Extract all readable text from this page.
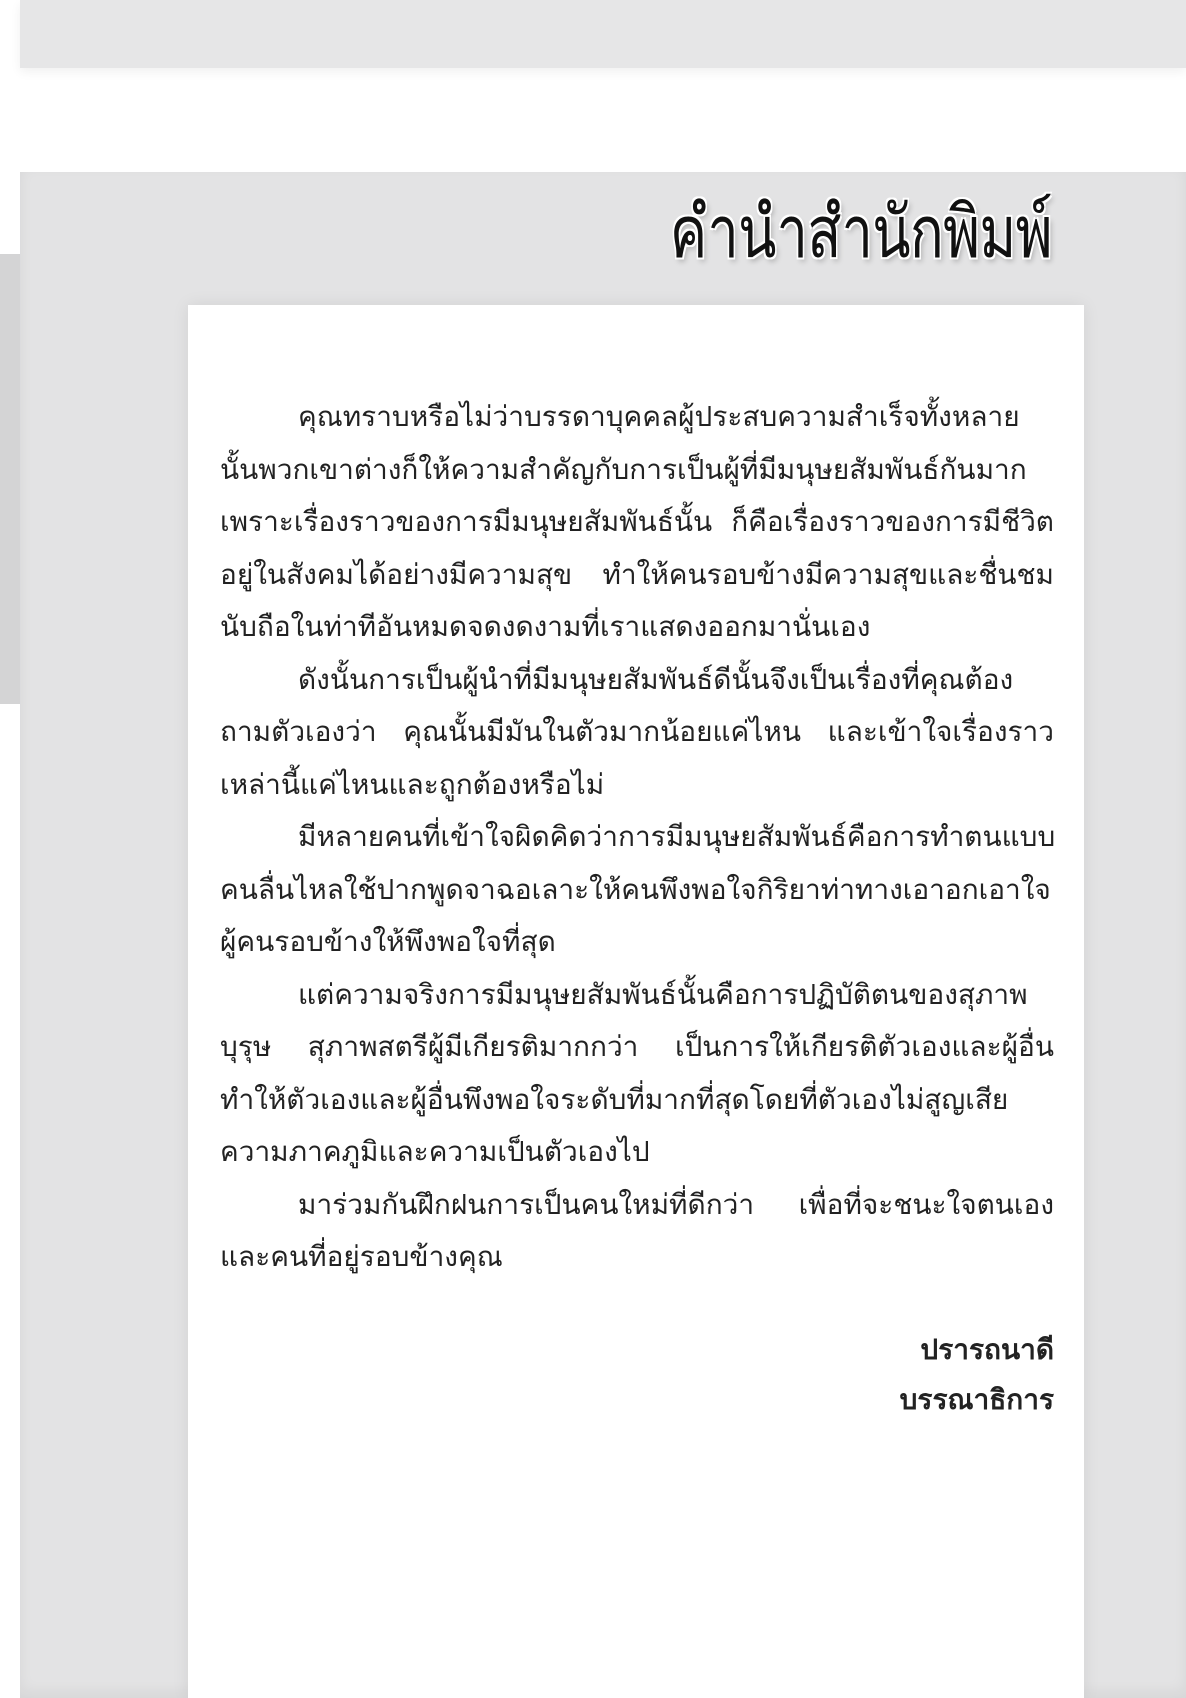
คำนำสำนักพิมพ์

คุณทราบหรือไม่ว่าบรรดาบุคคลผู้ประสบความสำเร็จทั้งหลาย
นั้นพวกเขาต่างก็ให้ความสำคัญกับการเป็นผู้ที่มีมนุษยสัมพันธ์กันมาก
เพราะเรื่องราวของการมีมนุษยสัมพันธ์นั้น ก็คือเรื่องราวของการมีชีวิต
อยู่ในสังคมได้อย่างมีความสุข ทำให้คนรอบข้างมีความสุขและชื่นชม
นับถือในท่าทีอันหมดจดงดงามที่เราแสดงออกมานั่นเอง

ดังนั้นการเป็นผู้นำที่มีมนุษยสัมพันธ์ดีนั้นจึงเป็นเรื่องที่คุณต้อง
ถามตัวเองว่า คุณนั้นมีมันในตัวมากน้อยแค่ไหน และเข้าใจเรื่องราว
เหล่านี้แค่ไหนและถูกต้องหรือไม่

มีหลายคนที่เข้าใจผิดคิดว่าการมีมนุษยสัมพันธ์คือการทำตนแบบ
คนลื่นไหลใช้ปากพูดจาฉอเลาะให้คนพึงพอใจกิริยาท่าทางเอาอกเอาใจ
ผู้คนรอบข้างให้พึงพอใจที่สุด

แต่ความจริงการมีมนุษยสัมพันธ์นั้นคือการปฏิบัติตนของสุภาพ
บุรุษ สุภาพสตรีผู้มีเกียรติมากกว่า เป็นการให้เกียรติตัวเองและผู้อื่น
ทำให้ตัวเองและผู้อื่นพึงพอใจระดับที่มากที่สุดโดยที่ตัวเองไม่สูญเสีย
ความภาคภูมิและความเป็นตัวเองไป

มาร่วมกันฝึกฝนการเป็นคนใหม่ที่ดีกว่า เพื่อที่จะชนะใจตนเอง
และคนที่อยู่รอบข้างคุณ

ปรารถนาดี
บรรณาธิการ
